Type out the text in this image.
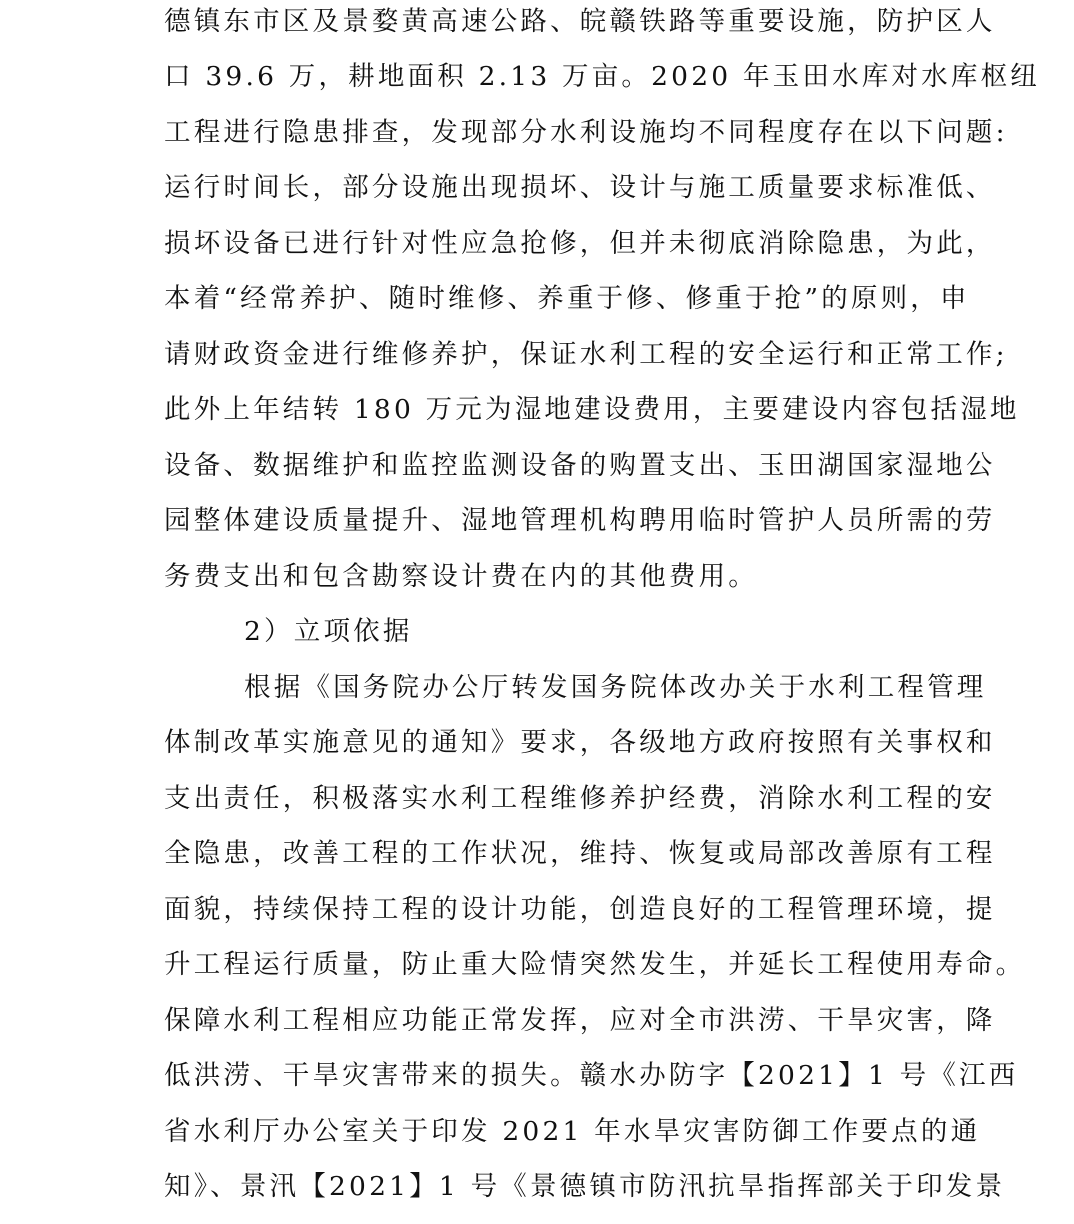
德镇东市区及景婺黄高速公路、皖赣铁路等重要设施，防护区人
口 39.6 万，耕地面积 2.13 万亩。2020 年玉田水库对水库枢纽
工程进行隐患排查，发现部分水利设施均不同程度存在以下问题:
运行时间长，部分设施出现损坏、设计与施工质量要求标准低、
损坏设备已进行针对性应急抢修，但并未彻底消除隐患，为此，
本着“经常养护、随时维修、养重于修、修重于抢”的原则，申
请财政资金进行维修养护，保证水利工程的安全运行和正常工作;
此外上年结转 180 万元为湿地建设费用，主要建设内容包括湿地
设备、数据维护和监控监测设备的购置支出、玉田湖国家湿地公
园整体建设质量提升、湿地管理机构聘用临时管护人员所需的劳
务费支出和包含勘察设计费在内的其他费用。
2）立项依据
根据《国务院办公厅转发国务院体改办关于水利工程管理
体制改革实施意见的通知》要求，各级地方政府按照有关事权和
支出责任，积极落实水利工程维修养护经费，消除水利工程的安
全隐患，改善工程的工作状况，维持、恢复或局部改善原有工程
面貌，持续保持工程的设计功能，创造良好的工程管理环境，提
升工程运行质量，防止重大险情突然发生，并延长工程使用寿命。
保障水利工程相应功能正常发挥，应对全市洪涝、干旱灾害，降
低洪涝、干旱灾害带来的损失。赣水办防字【2021】1 号《江西
省水利厅办公室关于印发 2021 年水旱灾害防御工作要点的通
知》、景汛【2021】1 号《景德镇市防汛抗旱指挥部关于印发景
